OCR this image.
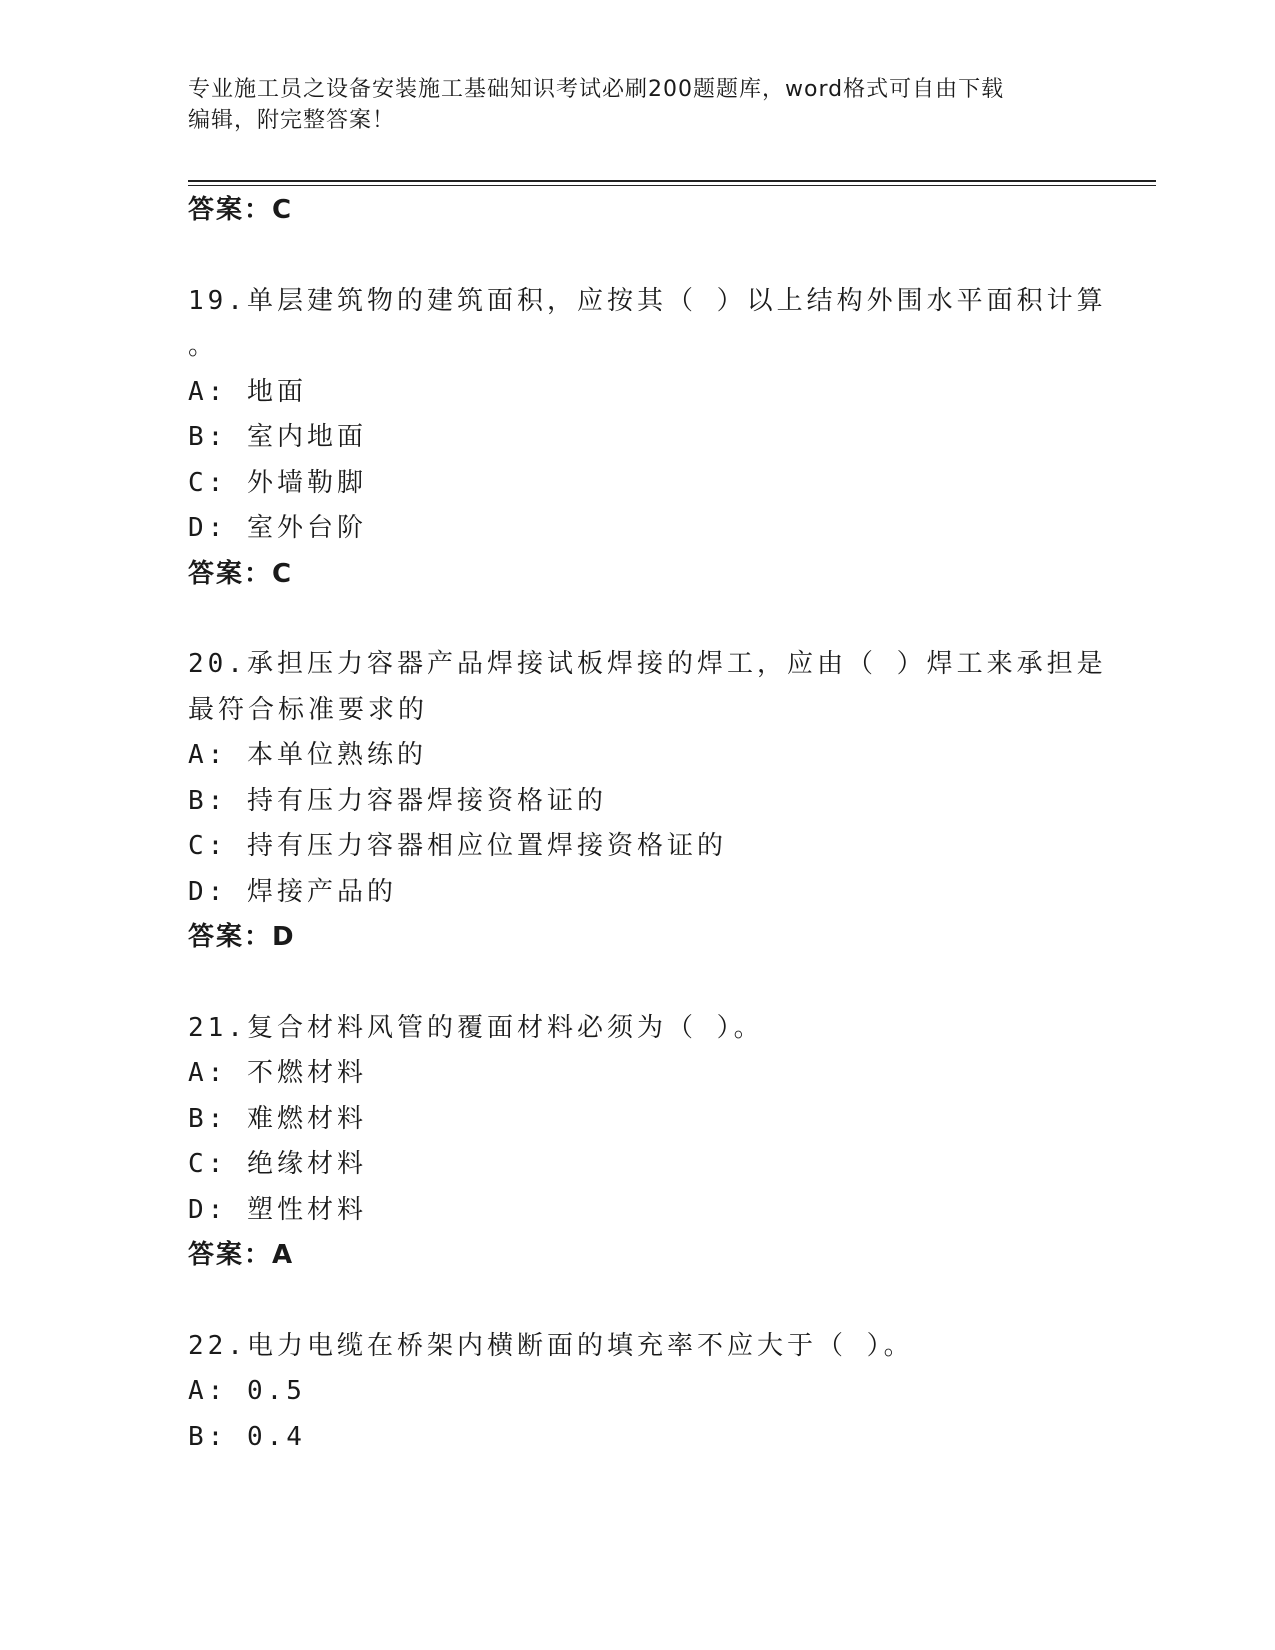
专业施工员之设备安装施工基础知识考试必刷200题题库，word格式可自由下载
编辑，附完整答案！
答案：C
19.单层建筑物的建筑面积，应按其（ ）以上结构外围水平面积计算
。
A: 地面
B: 室内地面
C: 外墙勒脚
D: 室外台阶
答案：C
20.承担压力容器产品焊接试板焊接的焊工，应由（ ）焊工来承担是
最符合标准要求的
A: 本单位熟练的
B: 持有压力容器焊接资格证的
C: 持有压力容器相应位置焊接资格证的
D: 焊接产品的
答案：D
21.复合材料风管的覆面材料必须为（ ）。
A: 不燃材料
B: 难燃材料
C: 绝缘材料
D: 塑性材料
答案：A
22.电力电缆在桥架内横断面的填充率不应大于（ ）。
A: 0.5
B: 0.4
